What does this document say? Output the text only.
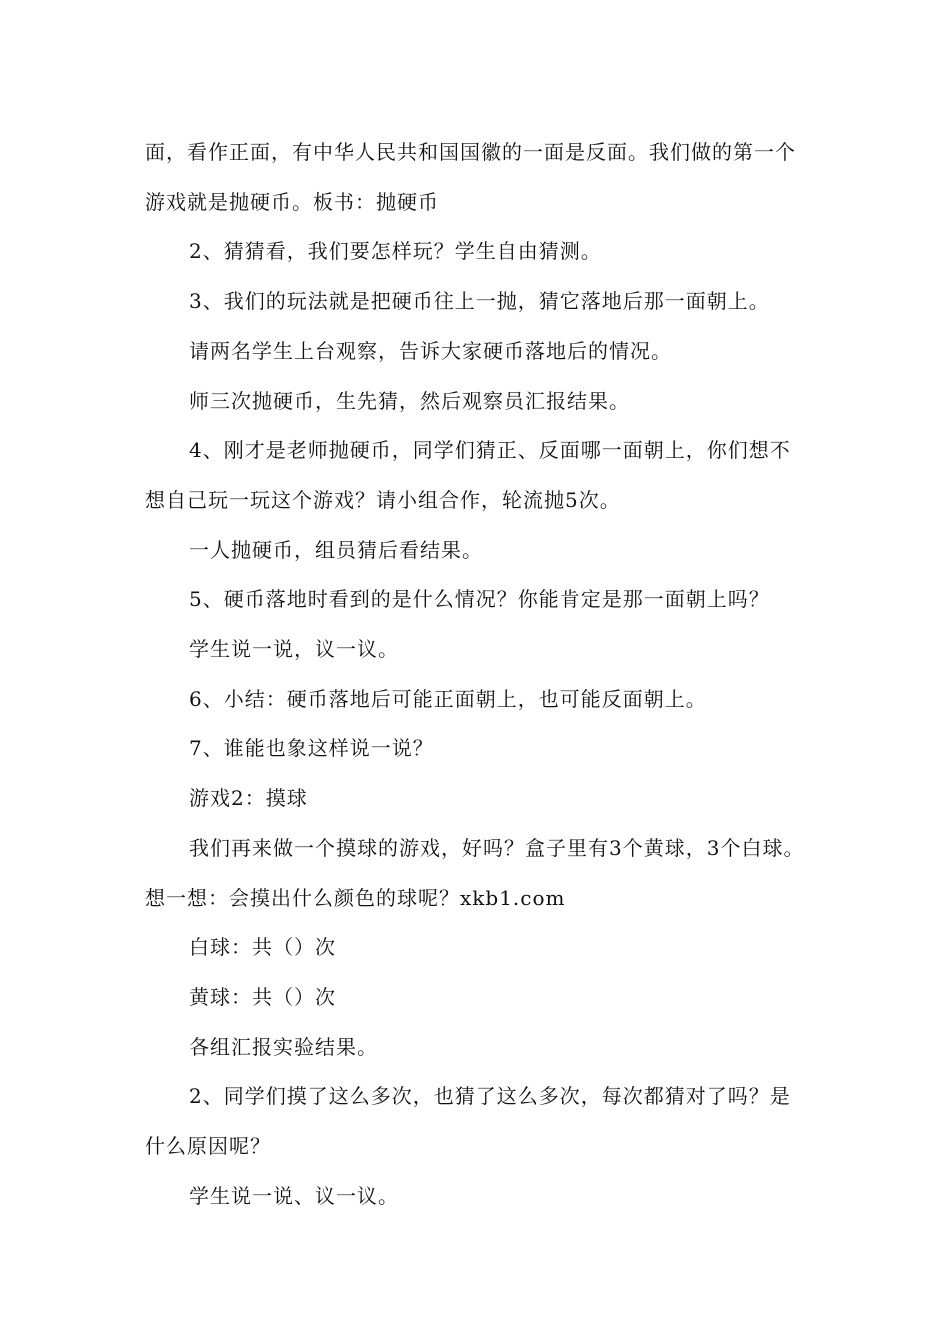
面，看作正面，有中华人民共和国国徽的一面是反面。我们做的第一个游戏就是抛硬币。板书：抛硬币

2、猜猜看，我们要怎样玩？学生自由猜测。

3、我们的玩法就是把硬币往上一抛，猜它落地后那一面朝上。

请两名学生上台观察，告诉大家硬币落地后的情况。

师三次抛硬币，生先猜，然后观察员汇报结果。

4、刚才是老师抛硬币，同学们猜正、反面哪一面朝上，你们想不想自己玩一玩这个游戏？请小组合作，轮流抛5次。

一人抛硬币，组员猜后看结果。

5、硬币落地时看到的是什么情况？你能肯定是那一面朝上吗？

学生说一说，议一议。

6、小结：硬币落地后可能正面朝上，也可能反面朝上。

7、谁能也象这样说一说？

游戏2：摸球

我们再来做一个摸球的游戏，好吗？盒子里有3个黄球，3个白球。想一想：会摸出什么颜色的球呢？xkb1.com

白球：共（）次

黄球：共（）次

各组汇报实验结果。

2、同学们摸了这么多次，也猜了这么多次，每次都猜对了吗？是什么原因呢？

学生说一说、议一议。
